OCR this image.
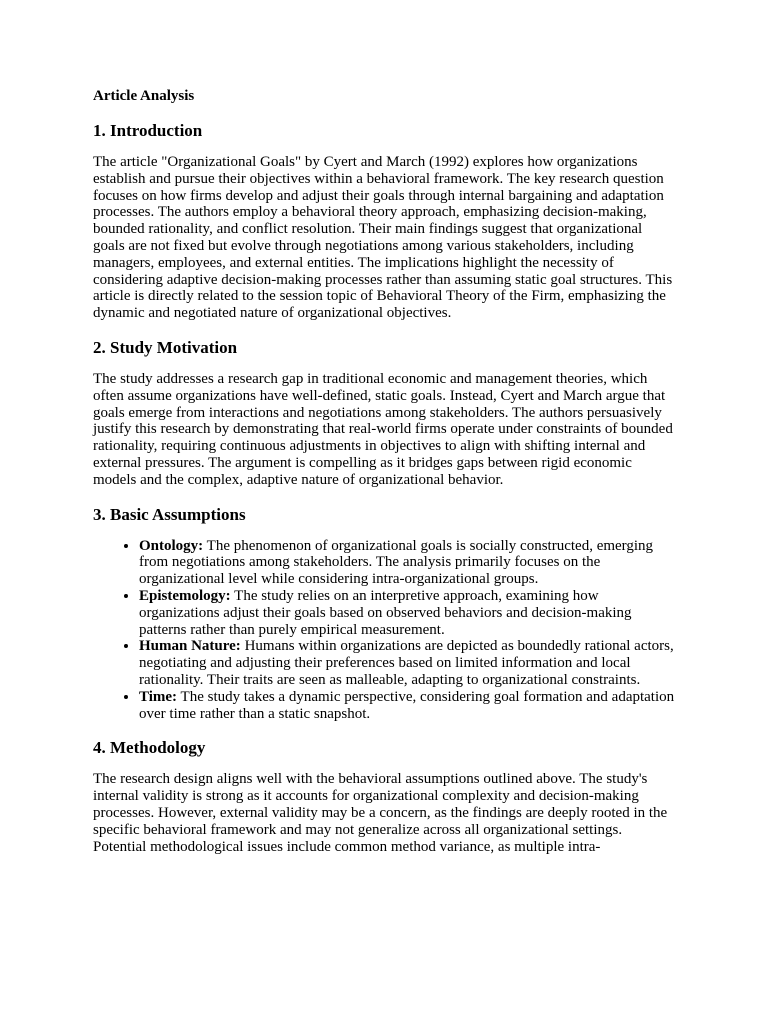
Article Analysis
1. Introduction

The article "Organizational Goals" by Cyert and March (1992) explores how organizations establish and pursue their objectives within a behavioral framework. The key research question focuses on how firms develop and adjust their goals through internal bargaining and adaptation processes. The authors employ a behavioral theory approach, emphasizing decision-making, bounded rationality, and conflict resolution. Their main findings suggest that organizational goals are not fixed but evolve through negotiations among various stakeholders, including managers, employees, and external entities. The implications highlight the necessity of considering adaptive decision-making processes rather than assuming static goal structures. This article is directly related to the session topic of Behavioral Theory of the Firm, emphasizing the dynamic and negotiated nature of organizational objectives.

2. Study Motivation

The study addresses a research gap in traditional economic and management theories, which often assume organizations have well-defined, static goals. Instead, Cyert and March argue that goals emerge from interactions and negotiations among stakeholders. The authors persuasively justify this research by demonstrating that real-world firms operate under constraints of bounded rationality, requiring continuous adjustments in objectives to align with shifting internal and external pressures. The argument is compelling as it bridges gaps between rigid economic models and the complex, adaptive nature of organizational behavior.

3. Basic Assumptions
• Ontology: The phenomenon of organizational goals is socially constructed, emerging from negotiations among stakeholders. The analysis primarily focuses on the organizational level while considering intra-organizational groups.
• Epistemology: The study relies on an interpretive approach, examining how organizations adjust their goals based on observed behaviors and decision-making patterns rather than purely empirical measurement.
• Human Nature: Humans within organizations are depicted as boundedly rational actors, negotiating and adjusting their preferences based on limited information and local rationality. Their traits are seen as malleable, adapting to organizational constraints.
• Time: The study takes a dynamic perspective, considering goal formation and adaptation over time rather than a static snapshot.
4. Methodology

The research design aligns well with the behavioral assumptions outlined above. The study's internal validity is strong as it accounts for organizational complexity and decision-making processes. However, external validity may be a concern, as the findings are deeply rooted in the specific behavioral framework and may not generalize across all organizational settings. Potential methodological issues include common method variance, as multiple intra-
